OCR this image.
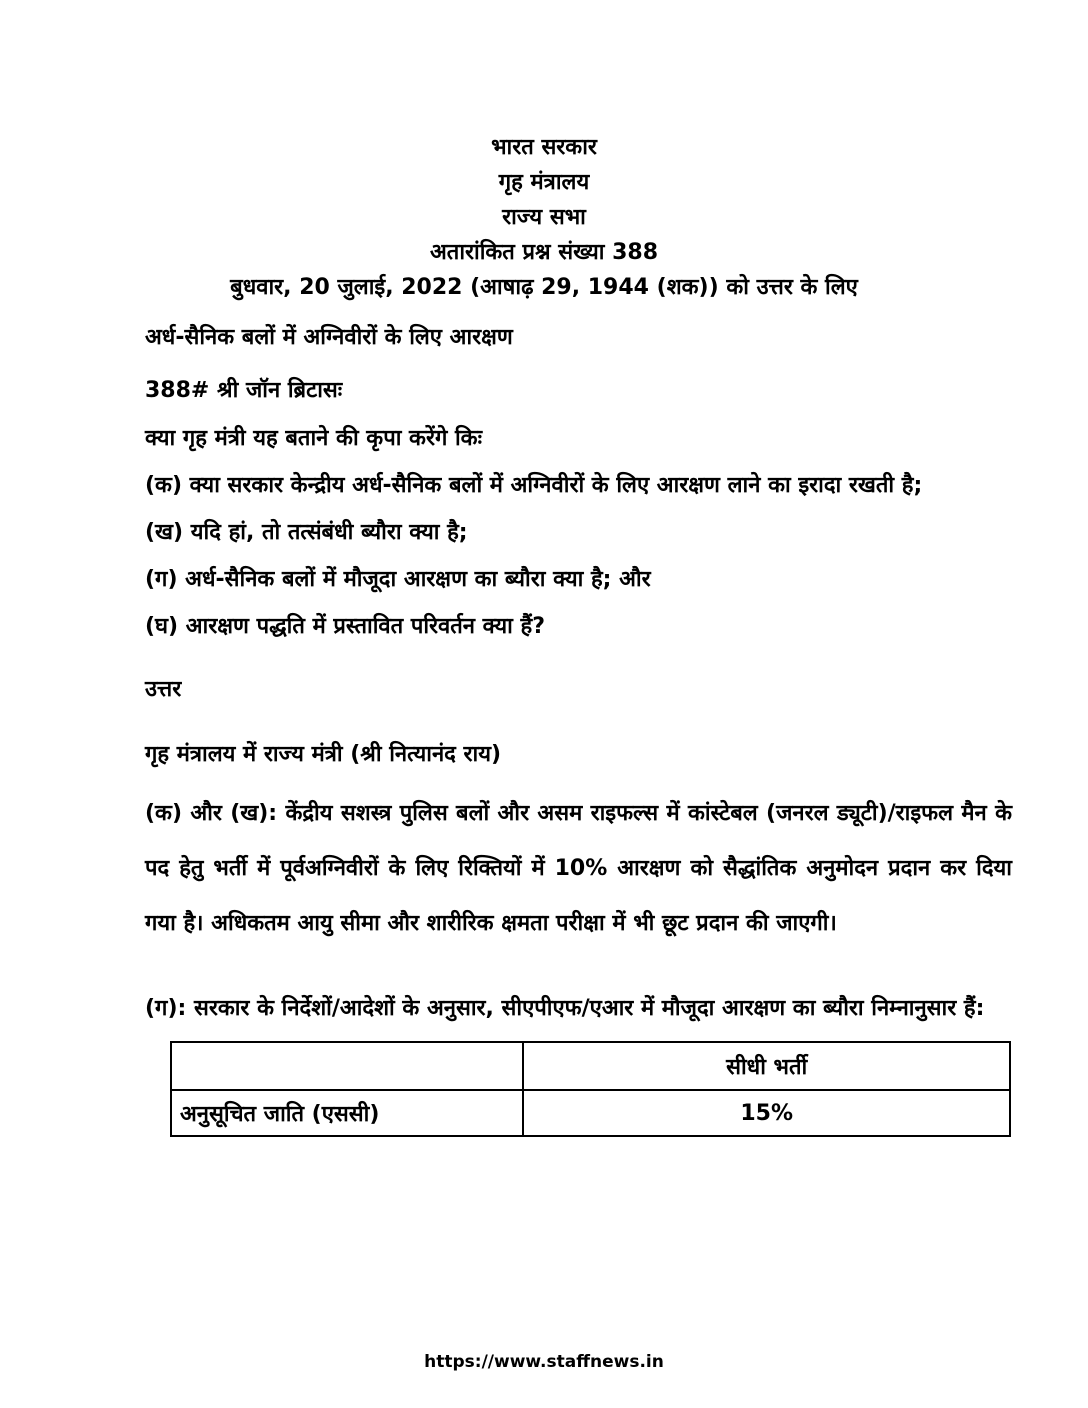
भारत सरकार
गृह मंत्रालय
राज्य सभा
अतारांकित प्रश्न संख्या 388
बुधवार, 20 जुलाई, 2022 (आषाढ़ 29, 1944 (शक)) को उत्तर के लिए
अर्ध-सैनिक बलों में अग्निवीरों के लिए आरक्षण
388# श्री जॉन ब्रिटासः
क्या गृह मंत्री यह बताने की कृपा करेंगे किः
(क) क्या सरकार केन्द्रीय अर्ध-सैनिक बलों में अग्निवीरों के लिए आरक्षण लाने का इरादा रखती है;
(ख) यदि हां, तो तत्संबंधी ब्यौरा क्या है;
(ग) अर्ध-सैनिक बलों में मौजूदा आरक्षण का ब्यौरा क्या है; और
(घ) आरक्षण पद्धति में प्रस्तावित परिवर्तन क्या हैं?
उत्तर
गृह मंत्रालय में राज्य मंत्री (श्री नित्यानंद राय)
(क) और (ख): केंद्रीय सशस्त्र पुलिस बलों और असम राइफल्स में कांस्टेबल (जनरल ड्यूटी)/राइफल मैन के पद हेतु भर्ती में पूर्वअग्निवीरों के लिए रिक्तियों में 10% आरक्षण को सैद्धांतिक अनुमोदन प्रदान कर दिया गया है। अधिकतम आयु सीमा और शारीरिक क्षमता परीक्षा में भी छूट प्रदान की जाएगी।
(ग): सरकार के निर्देशों/आदेशों के अनुसार, सीएपीएफ/एआर में मौजूदा आरक्षण का ब्यौरा निम्नानुसार हैं:
	सीधी भर्ती
अनुसूचित जाति (एससी)	15%
https://www.staffnews.in
